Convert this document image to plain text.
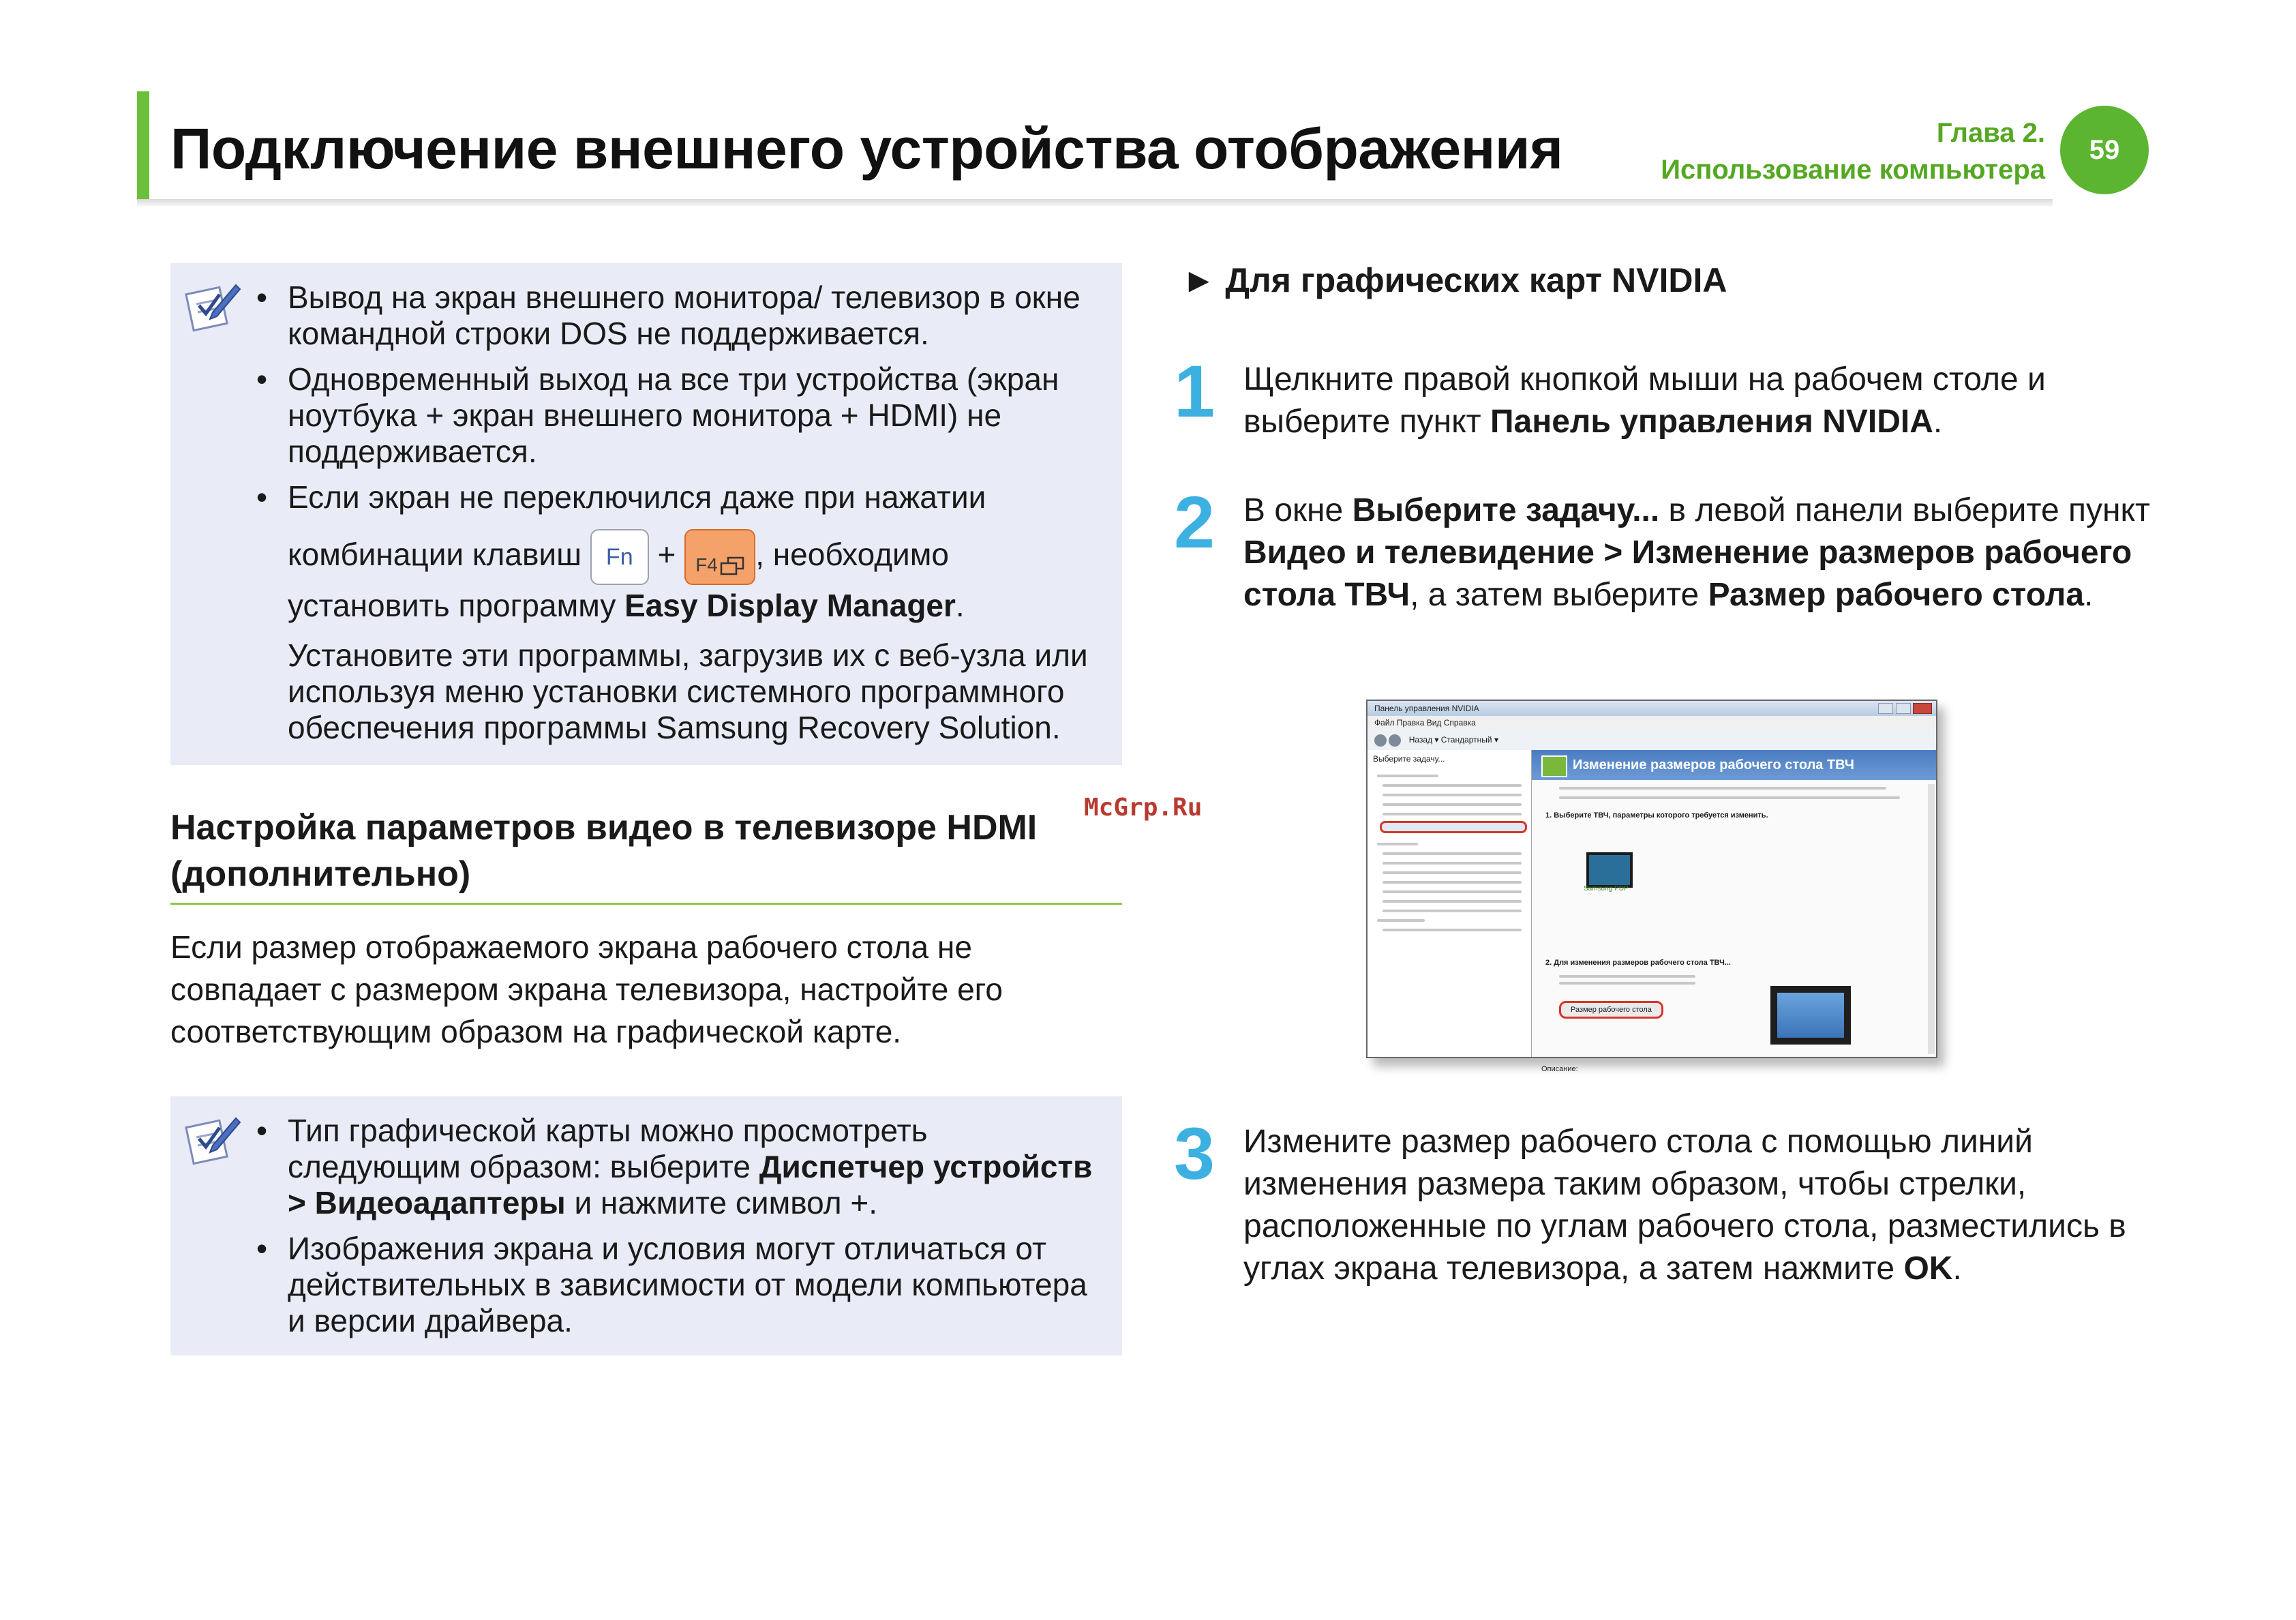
Подключение внешнего устройства отображения	Глава 2.
Использование компьютера
59
• Вывод на экран внешнего монитора/ телевизор в окне командной строки DOS не поддерживается.
• Одновременный выход на все три устройства (экран ноутбука + экран внешнего монитора + HDMI) не поддерживается.
• Если экран не переключился даже при нажатии
комбинации клавиш Fn + F4 , необходимо
установить программу Easy Display Manager.
Установите эти программы, загрузив их с веб-узла или используя меню установки системного программного обеспечения программы Samsung Recovery Solution.
Настройка параметров видео в телевизоре HDMI (дополнительно)
Если размер отображаемого экрана рабочего стола не совпадает с размером экрана телевизора, настройте его соответствующим образом на графической карте.
McGrp.Ru
• Тип графической карты можно просмотреть следующим образом: выберите Диспетчер устройств > Видеоадаптеры и нажмите символ +.
• Изображения экрана и условия могут отличаться от действительных в зависимости от модели компьютера и версии драйвера.
► Для графических карт NVIDIA
1 Щелкните правой кнопкой мыши на рабочем столе и выберите пункт Панель управления NVIDIA.
2 В окне Выберите задачу... в левой панели выберите пункт Видео и телевидение > Изменение размеров рабочего стола ТВЧ, а затем выберите Размер рабочего стола.
Панель управления NVIDIA

Файл Правка Вид Справка
Назад ▾ Стандартный ▾
Выберите задачу...	Изменение размеров рабочего стола ТВЧ
1. Выберите ТВЧ, параметры которого требуется изменить.
Samsung PDP
2. Для изменения размеров рабочего стола ТВЧ...
Размер рабочего стола
Описание:
3 Измените размер рабочего стола с помощью линий изменения размера таким образом, чтобы стрелки, расположенные по углам рабочего стола, разместились в углах экрана телевизора, а затем нажмите OK.
